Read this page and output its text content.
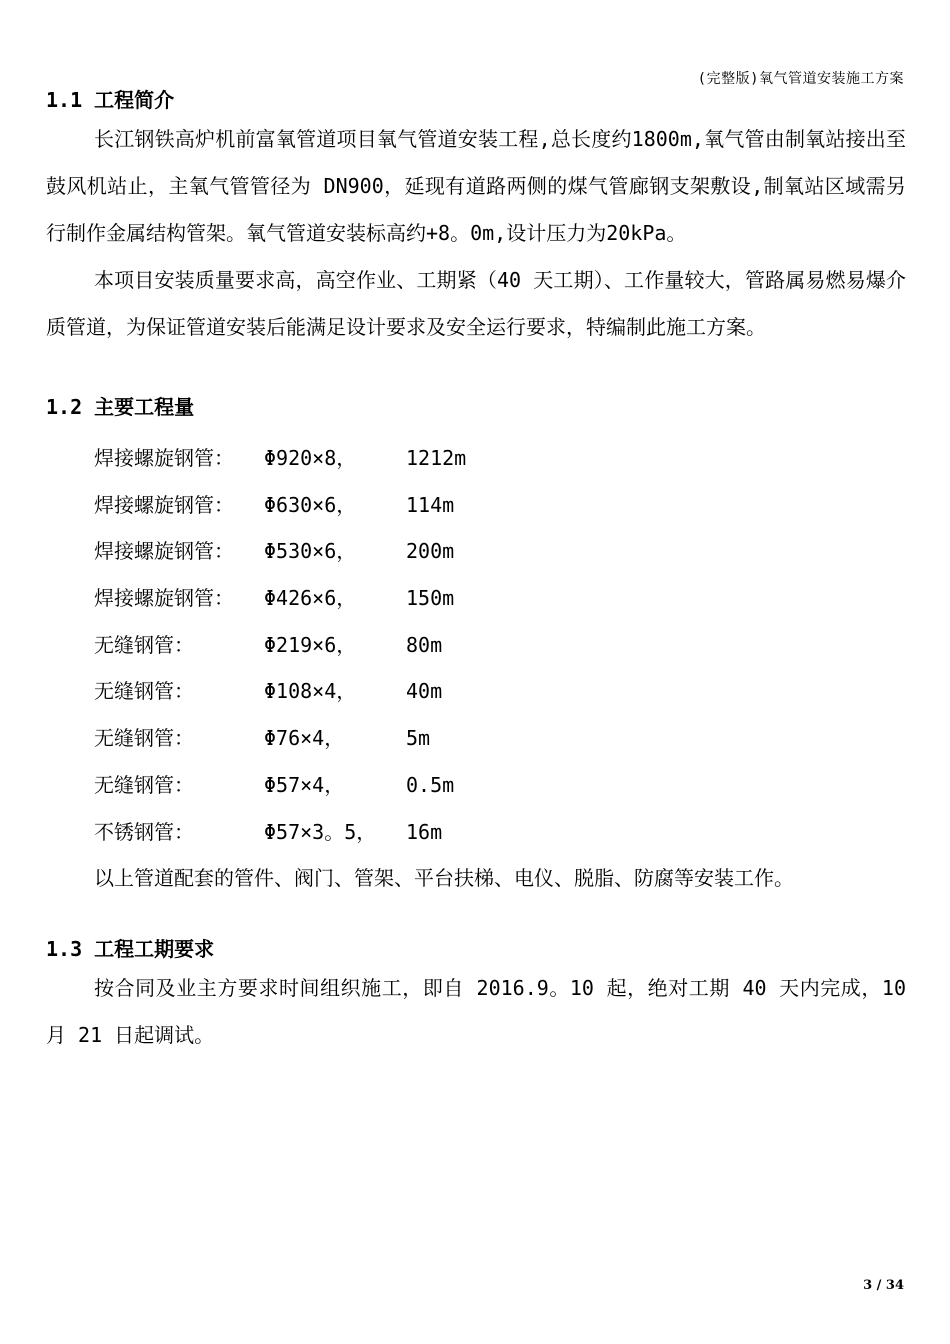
(完整版)氧气管道安装施工方案
1.1 工程简介

长江钢铁高炉机前富氧管道项目氧气管道安装工程,总长度约1800m,氧气管由制氧站接出至鼓风机站止，主氧气管管径为 DN900，延现有道路两侧的煤气管廊钢支架敷设,制氧站区域需另行制作金属结构管架。氧气管道安装标高约+8。0m,设计压力为20kPa。

本项目安装质量要求高，高空作业、工期紧（40 天工期）、工作量较大，管路属易燃易爆介质管道，为保证管道安装后能满足设计要求及安全运行要求，特编制此施工方案。

1.2 主要工程量
焊接螺旋钢管： Φ920×8， 1212m
焊接螺旋钢管： Φ630×6， 114m
焊接螺旋钢管： Φ530×6， 200m
焊接螺旋钢管： Φ426×6， 150m
无缝钢管：	Φ219×6， 80m
无缝钢管：	Φ108×4， 40m
无缝钢管：	Φ76×4，	5m
无缝钢管：	Φ57×4，	0.5m
不锈钢管：	Φ57×3。5， 16m

以上管道配套的管件、阀门、管架、平台扶梯、电仪、脱脂、防腐等安装工作。

1.3 工程工期要求

按合同及业主方要求时间组织施工，即自 2016.9。10 起，绝对工期 40 天内完成，10 月 21 日起调试。

3 / 34
